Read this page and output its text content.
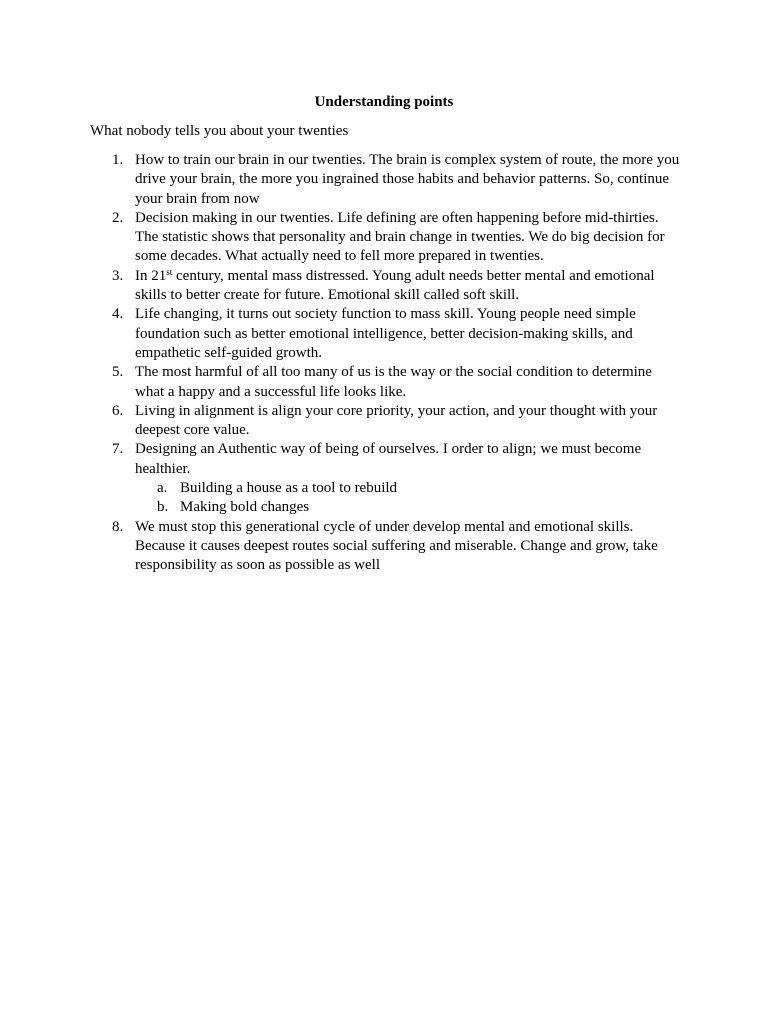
Understanding points
What nobody tells you about your twenties
1. How to train our brain in our twenties. The brain is complex system of route, the more you drive your brain, the more you ingrained those habits and behavior patterns. So, continue your brain from now
2. Decision making in our twenties. Life defining are often happening before mid-thirties. The statistic shows that personality and brain change in twenties. We do big decision for some decades. What actually need to fell more prepared in twenties.
3. In 21st century, mental mass distressed. Young adult needs better mental and emotional skills to better create for future. Emotional skill called soft skill.
4. Life changing, it turns out society function to mass skill. Young people need simple foundation such as better emotional intelligence, better decision-making skills, and empathetic self-guided growth.
5. The most harmful of all too many of us is the way or the social condition to determine what a happy and a successful life looks like.
6. Living in alignment is align your core priority, your action, and your thought with your deepest core value.
7. Designing an Authentic way of being of ourselves. I order to align; we must become healthier.
a. Building a house as a tool to rebuild
b. Making bold changes
8. We must stop this generational cycle of under develop mental and emotional skills. Because it causes deepest routes social suffering and miserable. Change and grow, take responsibility as soon as possible as well
